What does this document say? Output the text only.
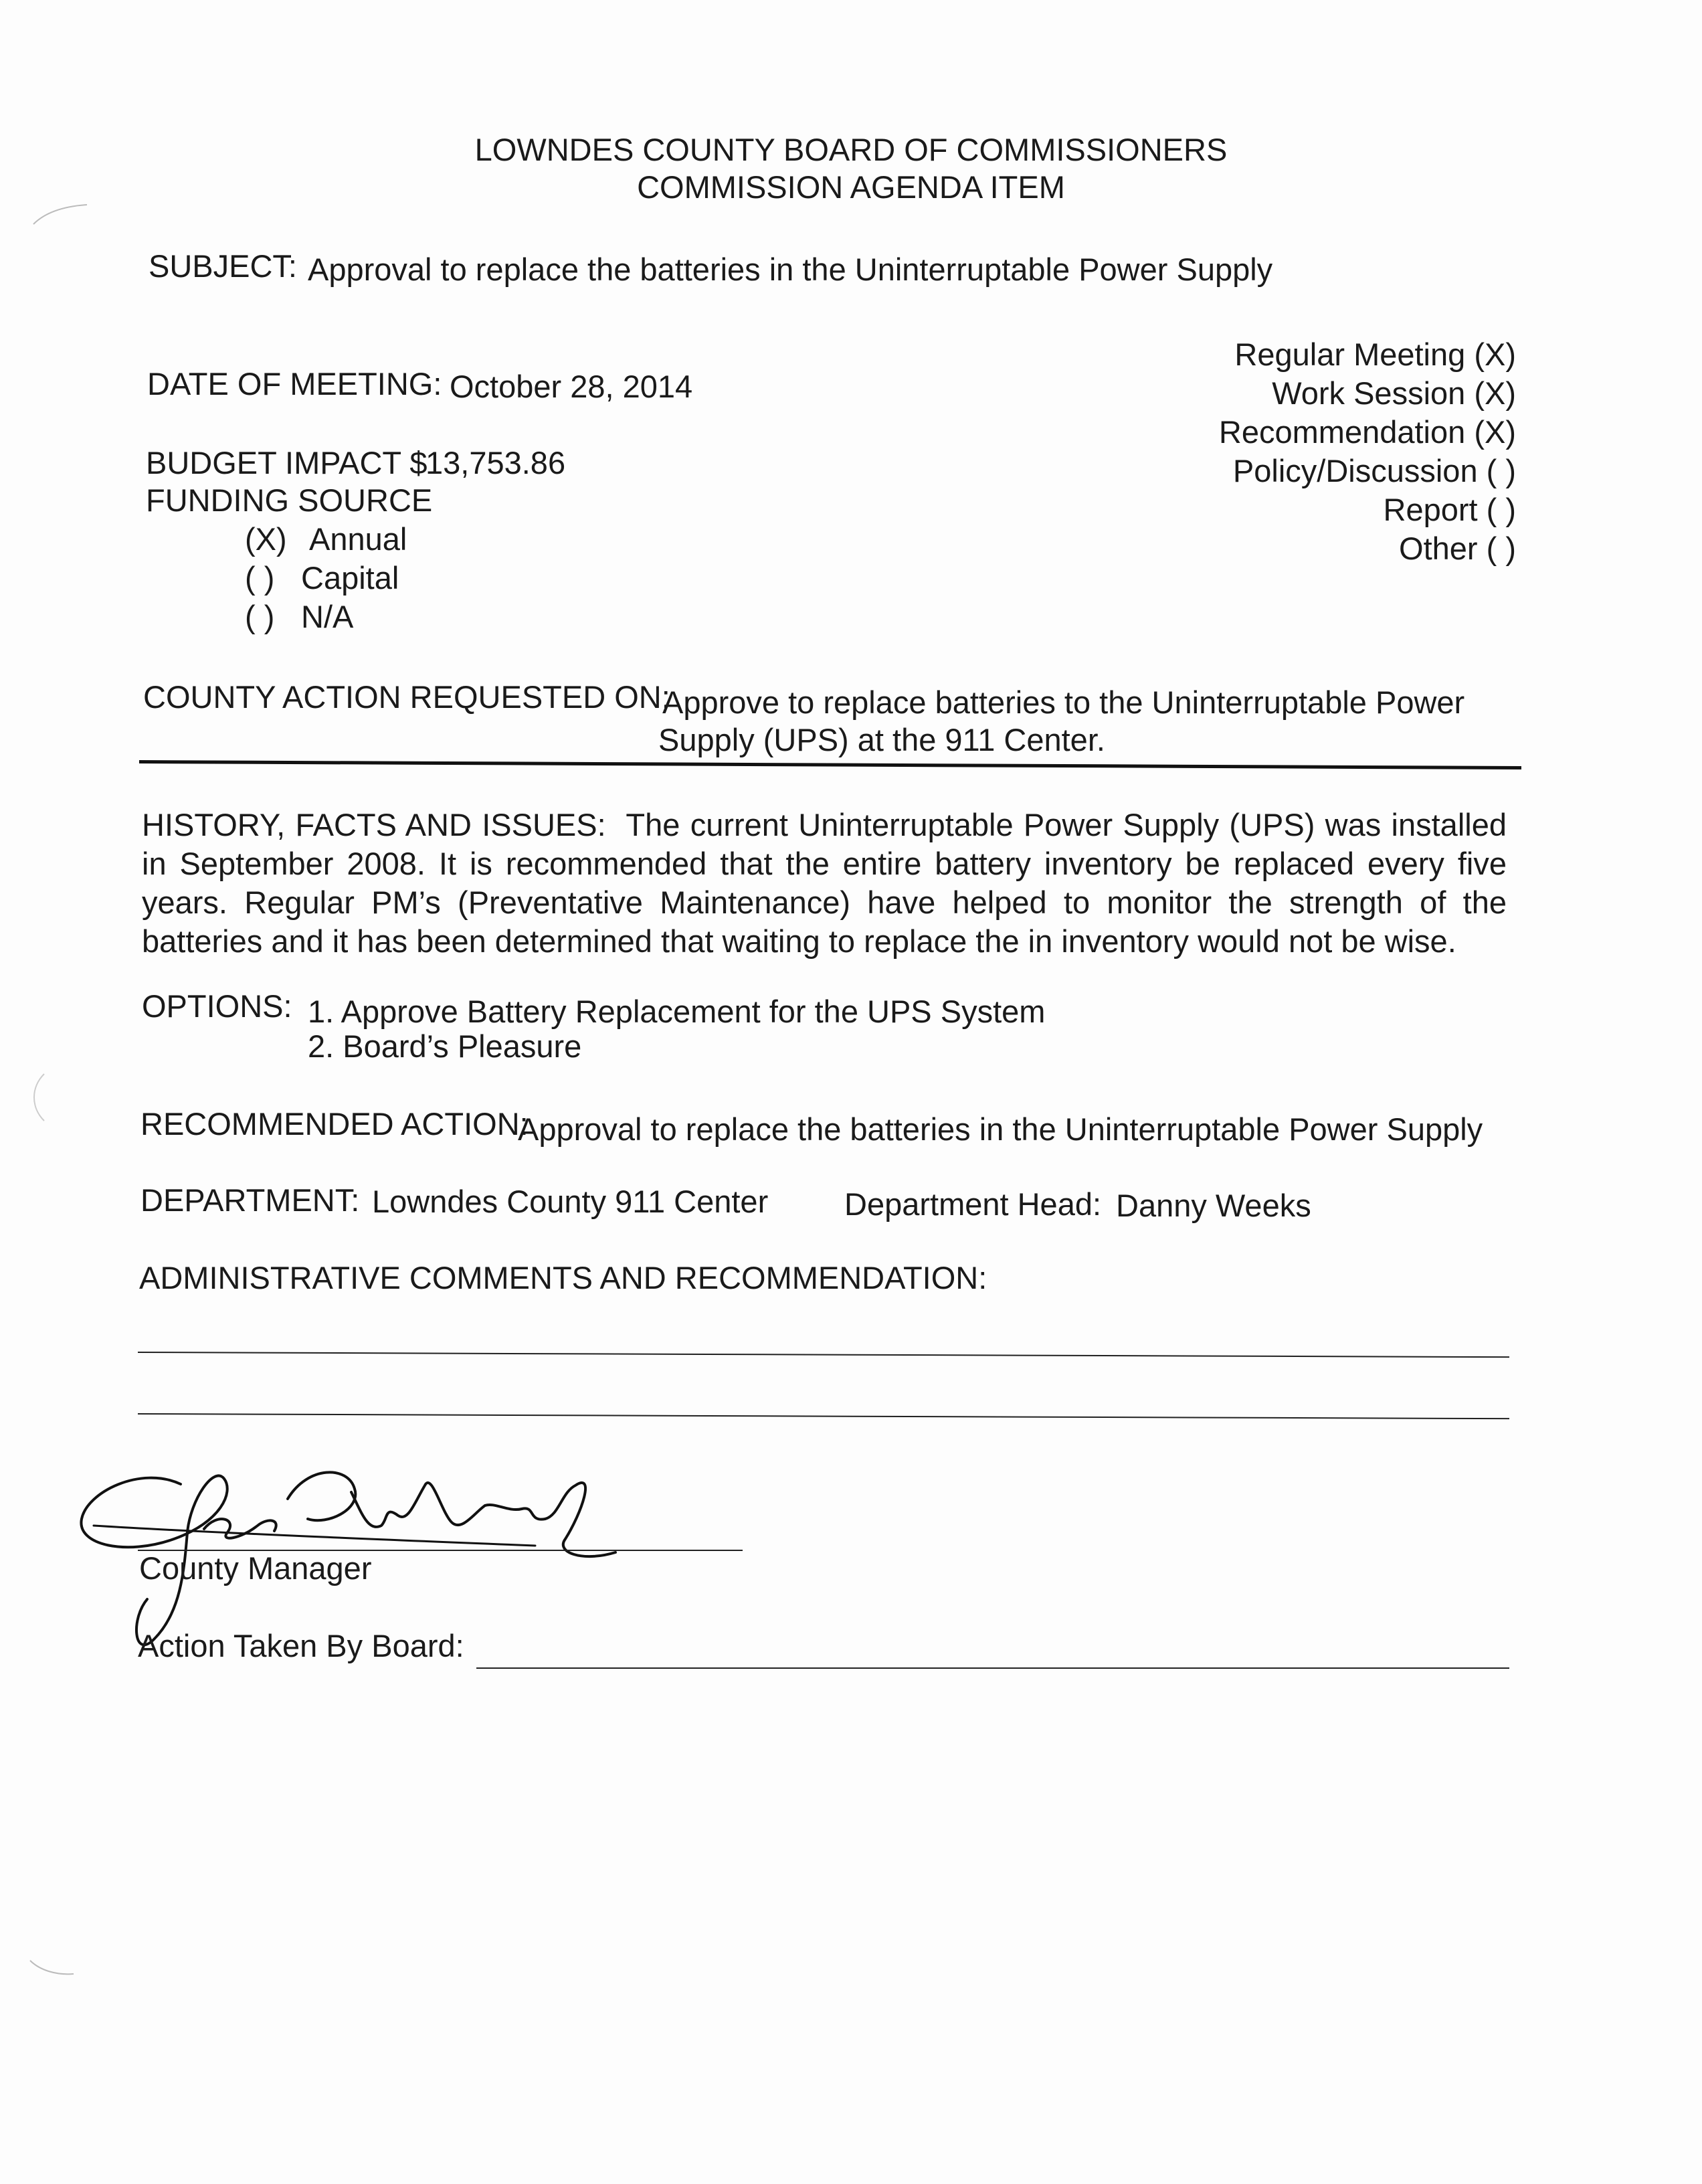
LOWNDES COUNTY BOARD OF COMMISSIONERS
COMMISSION AGENDA ITEM
SUBJECT: Approval to replace the batteries in the Uninterruptable Power Supply
Regular Meeting (X)
Work Session (X)
Recommendation (X)
Policy/Discussion ( )
Report ( )
Other ( )
DATE OF MEETING: October 28, 2014
BUDGET IMPACT $
13,753.86
FUNDING SOURCE
(X) Annual
( ) Capital
( ) N/A
COUNTY ACTION REQUESTED ON:
Approve to replace batteries to the Uninterruptable Power
Supply (UPS) at the 911 Center.
HISTORY, FACTS AND ISSUES: The current Uninterruptable Power Supply (UPS) was installed in September 2008. It is recommended that the entire battery inventory be replaced every five years. Regular PM’s (Preventative Maintenance) have helped to monitor the strength of the batteries and it has been determined that waiting to replace the in inventory would not be wise.
OPTIONS: 1. Approve Battery Replacement for the UPS System
2. Board’s Pleasure
RECOMMENDED ACTION:
Approval to replace the batteries in the Uninterruptable Power Supply
DEPARTMENT: Lowndes County 911 Center Department Head: Danny Weeks
ADMINISTRATIVE COMMENTS AND RECOMMENDATION:
County Manager
Action Taken By Board:
